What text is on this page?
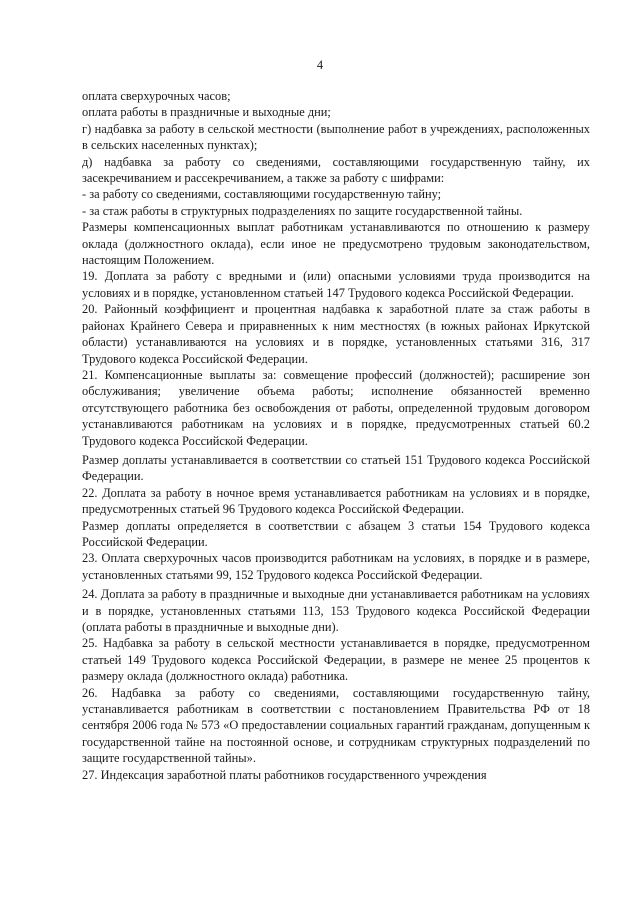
4

оплата сверхурочных часов;

оплата работы в праздничные и выходные дни;

г) надбавка за работу в сельской местности (выполнение работ в учреждениях, расположенных в сельских населенных пунктах);

д) надбавка за работу со сведениями, составляющими государственную тайну, их засекречиванием и рассекречиванием, а также за работу с шифрами:

- за работу со сведениями, составляющими государственную тайну;

- за стаж работы в структурных подразделениях по защите государственной тайны.

Размеры компенсационных выплат работникам устанавливаются по отношению к размеру оклада (должностного оклада), если иное не предусмотрено трудовым законодательством, настоящим Положением.

19. Доплата за работу с вредными и (или) опасными условиями труда производится на условиях и в порядке, установленном статьей 147 Трудового кодекса Российской Федерации.

20. Районный коэффициент и процентная надбавка к заработной плате за стаж работы в районах Крайнего Севера и приравненных к ним местностях (в южных районах Иркутской области) устанавливаются на условиях и в порядке, установленных статьями 316, 317 Трудового кодекса Российской Федерации.

21. Компенсационные выплаты за: совмещение профессий (должностей); расширение зон обслуживания; увеличение объема работы; исполнение обязанностей временно отсутствующего работника без освобождения от работы, определенной трудовым договором устанавливаются работникам на условиях и в порядке, предусмотренных статьей 60.2 Трудового кодекса Российской Федерации.

Размер доплаты устанавливается в соответствии со статьей 151 Трудового кодекса Российской Федерации.

22. Доплата за работу в ночное время устанавливается работникам на условиях и в порядке, предусмотренных статьей 96 Трудового кодекса Российской Федерации.

Размер доплаты определяется в соответствии с абзацем 3 статьи 154 Трудового кодекса Российской Федерации.

23. Оплата сверхурочных часов производится работникам на условиях, в порядке и в размере, установленных статьями 99, 152 Трудового кодекса Российской Федерации.

24. Доплата за работу в праздничные и выходные дни устанавливается работникам на условиях и в порядке, установленных статьями 113, 153 Трудового кодекса Российской Федерации (оплата работы в праздничные и выходные дни).

25. Надбавка за работу в сельской местности устанавливается в порядке, предусмотренном статьей 149 Трудового кодекса Российской Федерации, в размере не менее 25 процентов к размеру оклада (должностного оклада) работника.

26. Надбавка за работу со сведениями, составляющими государственную тайну, устанавливается работникам в соответствии с постановлением Правительства РФ от 18 сентября 2006 года № 573 «О предоставлении социальных гарантий гражданам, допущенным к государственной тайне на постоянной основе, и сотрудникам структурных подразделений по защите государственной тайны».

27. Индексация заработной платы работников государственного учреждения
